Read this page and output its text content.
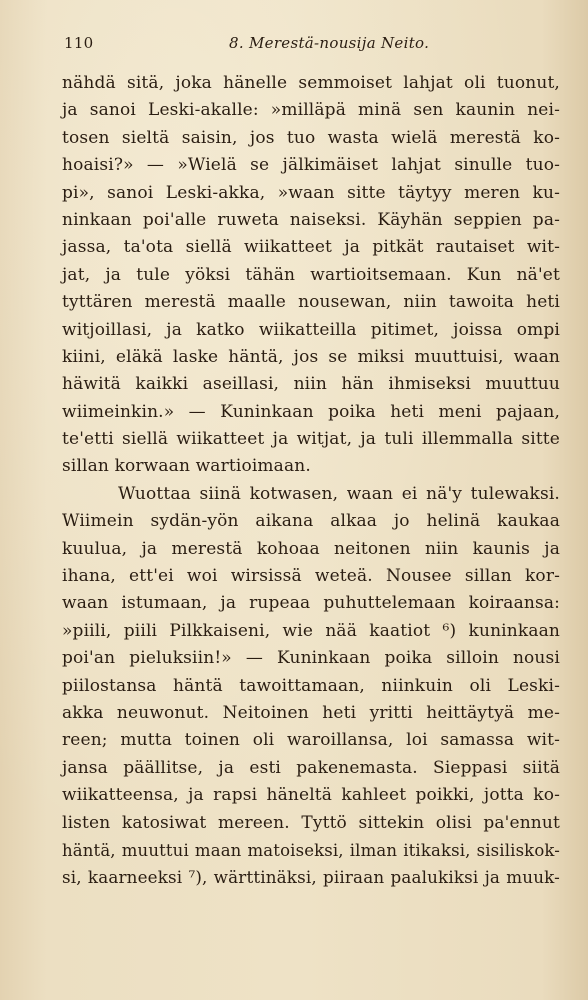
110	8. Merestä-nousija Neito.
nähdä sitä, joka hänelle semmoiset lahjat oli tuonut,
ja sanoi Leski-akalle: »milläpä minä sen kaunin nei-
tosen sieltä saisin, jos tuo wasta wielä merestä ko-
hoaisi?» — »Wielä se jälkimäiset lahjat sinulle tuo-
pi», sanoi Leski-akka, »waan sitte täytyy meren ku-
ninkaan poi'alle ruweta naiseksi. Käyhän seppien pa-
jassa, ta'ota siellä wiikatteet ja pitkät rautaiset wit-
jat, ja tule yöksi tähän wartioitsemaan. Kun nä'et
tyttären merestä maalle nousewan, niin tawoita heti
witjoillasi, ja katko wiikatteilla pitimet, joissa ompi
kiini, eläkä laske häntä, jos se miksi muuttuisi, waan
häwitä kaikki aseillasi, niin hän ihmiseksi muuttuu
wiimeinkin.» — Kuninkaan poika heti meni pajaan,
te'etti siellä wiikatteet ja witjat, ja tuli illemmalla sitte
sillan korwaan wartioimaan.
Wuottaa siinä kotwasen, waan ei nä'y tulewaksi.
Wiimein sydän-yön aikana alkaa jo helinä kaukaa
kuulua, ja merestä kohoaa neitonen niin kaunis ja
ihana, ett'ei woi wirsissä weteä. Nousee sillan kor-
waan istumaan, ja rupeaa puhuttelemaan koiraansa:
»piili, piili Pilkkaiseni, wie nää kaatiot ⁶) kuninkaan
poi'an pieluksiin!» — Kuninkaan poika silloin nousi
piilostansa häntä tawoittamaan, niinkuin oli Leski-
akka neuwonut. Neitoinen heti yritti heittäytyä me-
reen; mutta toinen oli waroillansa, loi samassa wit-
jansa päällitse, ja esti pakenemasta. Sieppasi siitä
wiikatteensa, ja rapsi häneltä kahleet poikki, jotta ko-
listen katosiwat mereen. Tyttö sittekin olisi pa'ennut
häntä, muuttui maan matoiseksi, ilman itikaksi, sisiliskok-
si, kaarneeksi ⁷), wärttinäksi, piiraan paalukiksi ja muuk-
